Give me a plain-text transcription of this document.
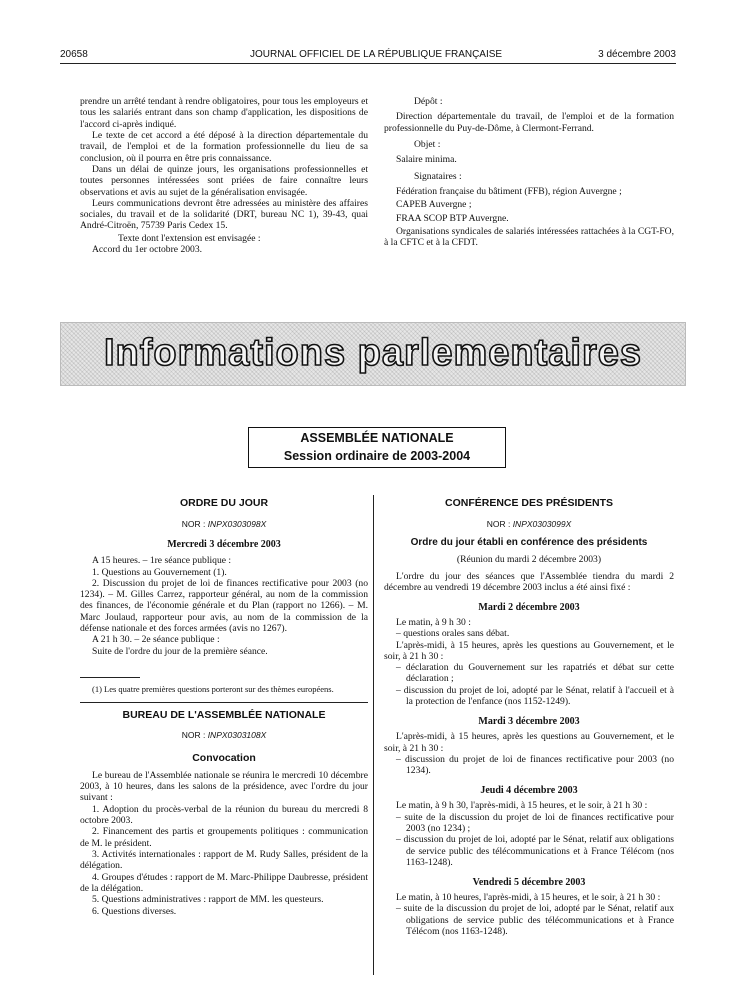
20658	JOURNAL OFFICIEL DE LA RÉPUBLIQUE FRANÇAISE	3 décembre 2003

prendre un arrêté tendant à rendre obligatoires, pour tous les employeurs et tous les salariés entrant dans son champ d'application, les dispositions de l'accord ci-après indiqué.

Le texte de cet accord a été déposé à la direction départementale du travail, de l'emploi et de la formation professionnelle du lieu de sa conclusion, où il pourra en être pris connaissance.

Dans un délai de quinze jours, les organisations professionnelles et toutes personnes intéressées sont priées de faire connaître leurs observations et avis au sujet de la généralisation envisagée.

Leurs communications devront être adressées au ministère des affaires sociales, du travail et de la solidarité (DRT, bureau NC 1), 39-43, quai André-Citroën, 75739 Paris Cedex 15.

Texte dont l'extension est envisagée :

Accord du 1er octobre 2003.

Dépôt :

Direction départementale du travail, de l'emploi et de la formation professionnelle du Puy-de-Dôme, à Clermont-Ferrand.

Objet :

Salaire minima.

Signataires :

Fédération française du bâtiment (FFB), région Auvergne ;

CAPEB Auvergne ;

FRAA SCOP BTP Auvergne.

Organisations syndicales de salariés intéressées rattachées à la CGT-FO, à la CFTC et à la CFDT.

Informations parlementaires
ASSEMBLÉE NATIONALE
Session ordinaire de 2003-2004
ORDRE DU JOUR
NOR : INPX0303098X
Mercredi 3 décembre 2003

A 15 heures. – 1re séance publique :

1. Questions au Gouvernement (1).

2. Discussion du projet de loi de finances rectificative pour 2003 (no 1234). – M. Gilles Carrez, rapporteur général, au nom de la commission des finances, de l'économie générale et du Plan (rapport no 1266). – M. Marc Joulaud, rapporteur pour avis, au nom de la commission de la défense nationale et des forces armées (avis no 1267).

A 21 h 30. – 2e séance publique :

Suite de l'ordre du jour de la première séance.

(1) Les quatre premières questions porteront sur des thèmes européens.

BUREAU DE L'ASSEMBLÉE NATIONALE
NOR : INPX0303108X
Convocation

Le bureau de l'Assemblée nationale se réunira le mercredi 10 décembre 2003, à 10 heures, dans les salons de la présidence, avec l'ordre du jour suivant :

1. Adoption du procès-verbal de la réunion du bureau du mercredi 8 octobre 2003.

2. Financement des partis et groupements politiques : communication de M. le président.

3. Activités internationales : rapport de M. Rudy Salles, président de la délégation.

4. Groupes d'études : rapport de M. Marc-Philippe Daubresse, président de la délégation.

5. Questions administratives : rapport de MM. les questeurs.

6. Questions diverses.

CONFÉRENCE DES PRÉSIDENTS
NOR : INPX0303099X
Ordre du jour établi en conférence des présidents
(Réunion du mardi 2 décembre 2003)

L'ordre du jour des séances que l'Assemblée tiendra du mardi 2 décembre au vendredi 19 décembre 2003 inclus a été ainsi fixé :

Mardi 2 décembre 2003

Le matin, à 9 h 30 :

– questions orales sans débat.

L'après-midi, à 15 heures, après les questions au Gouvernement, et le soir, à 21 h 30 :

– déclaration du Gouvernement sur les rapatriés et débat sur cette déclaration ;

– discussion du projet de loi, adopté par le Sénat, relatif à l'accueil et à la protection de l'enfance (nos 1152-1249).

Mardi 3 décembre 2003

L'après-midi, à 15 heures, après les questions au Gouvernement, et le soir, à 21 h 30 :

– discussion du projet de loi de finances rectificative pour 2003 (no 1234).

Jeudi 4 décembre 2003

Le matin, à 9 h 30, l'après-midi, à 15 heures, et le soir, à 21 h 30 :

– suite de la discussion du projet de loi de finances rectificative pour 2003 (no 1234) ;

– discussion du projet de loi, adopté par le Sénat, relatif aux obligations de service public des télécommunications et à France Télécom (nos 1163-1248).

Vendredi 5 décembre 2003

Le matin, à 10 heures, l'après-midi, à 15 heures, et le soir, à 21 h 30 :

– suite de la discussion du projet de loi, adopté par le Sénat, relatif aux obligations de service public des télécommunications et à France Télécom (nos 1163-1248).
